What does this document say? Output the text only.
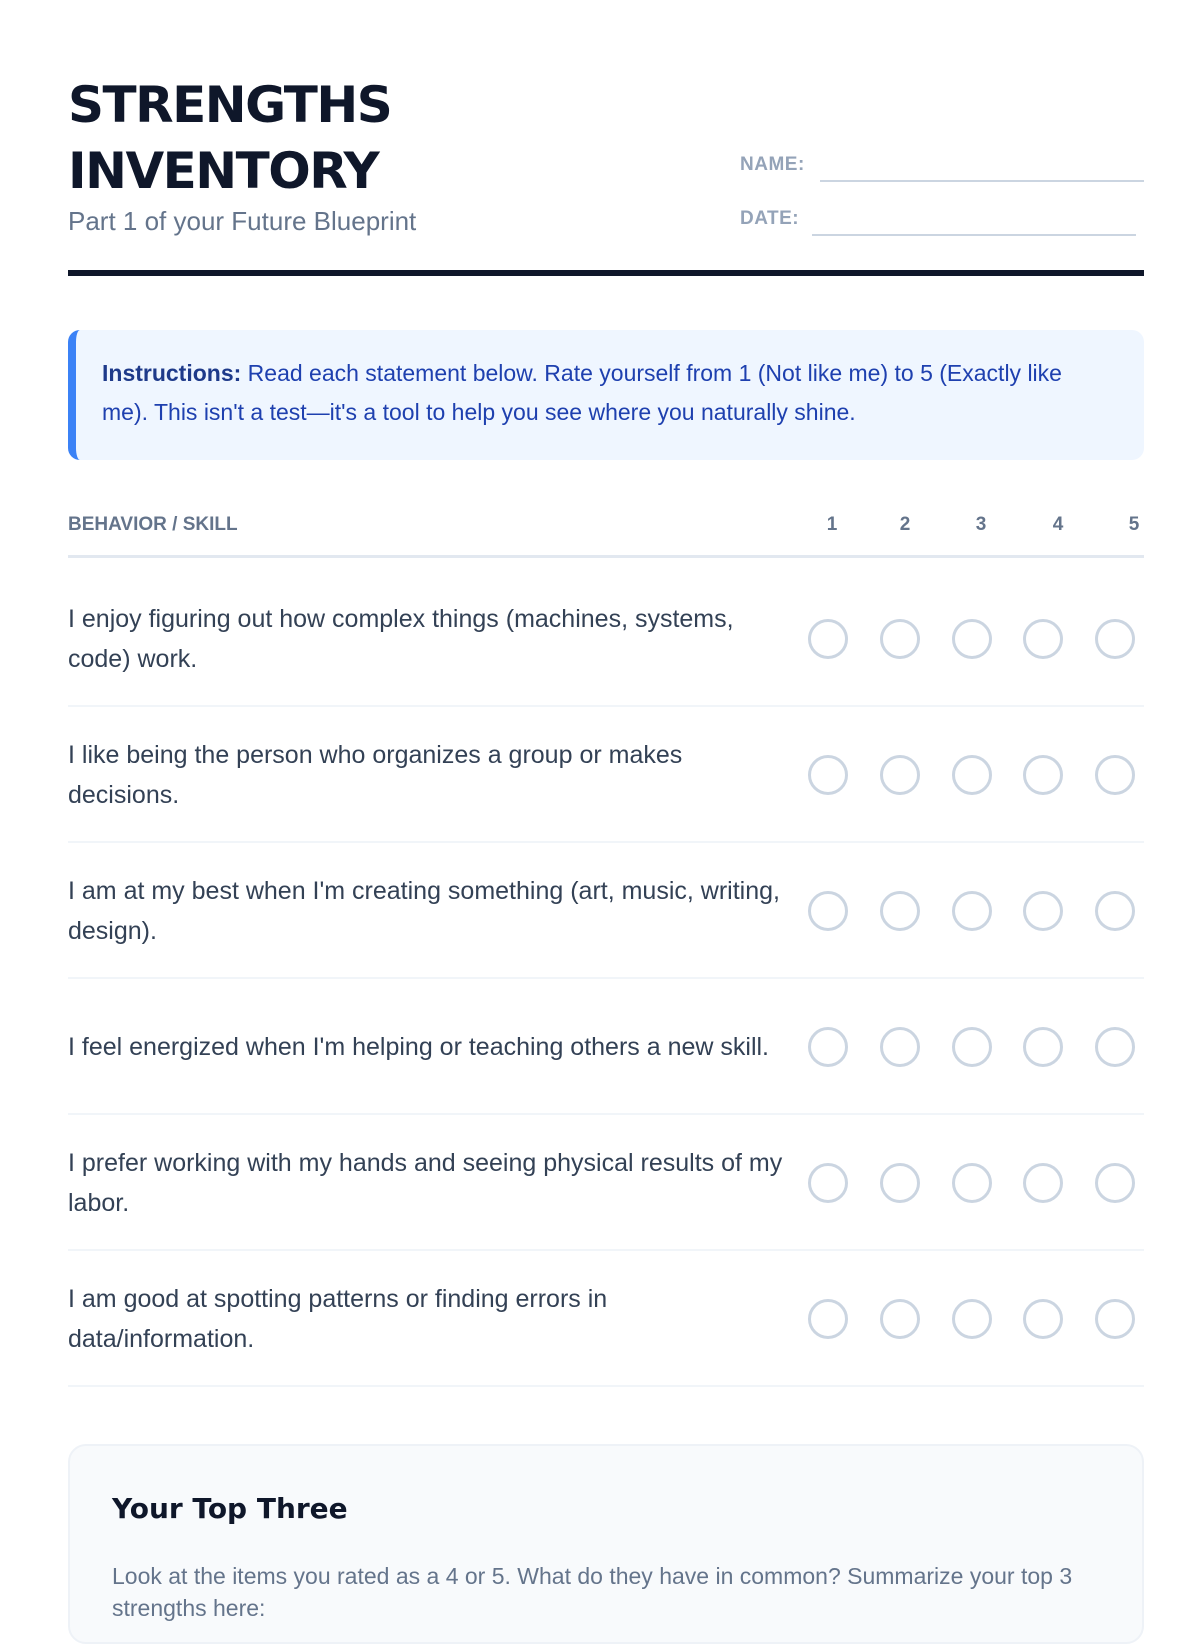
STRENGTHS
INVENTORY
Part 1 of your Future Blueprint
NAME:
DATE:
Instructions: Read each statement below. Rate yourself from 1 (Not like me) to 5 (Exactly like me). This isn't a test—it's a tool to help you see where you naturally shine.
BEHAVIOR / SKILL	1	2	3	4	5
I enjoy figuring out how complex things (machines, systems, code) work.
I like being the person who organizes a group or makes decisions.
I am at my best when I'm creating something (art, music, writing, design).
I feel energized when I'm helping or teaching others a new skill.
I prefer working with my hands and seeing physical results of my labor.
I am good at spotting patterns or finding errors in data/information.
Your Top Three
Look at the items you rated as a 4 or 5. What do they have in common? Summarize your top 3 strengths here:
